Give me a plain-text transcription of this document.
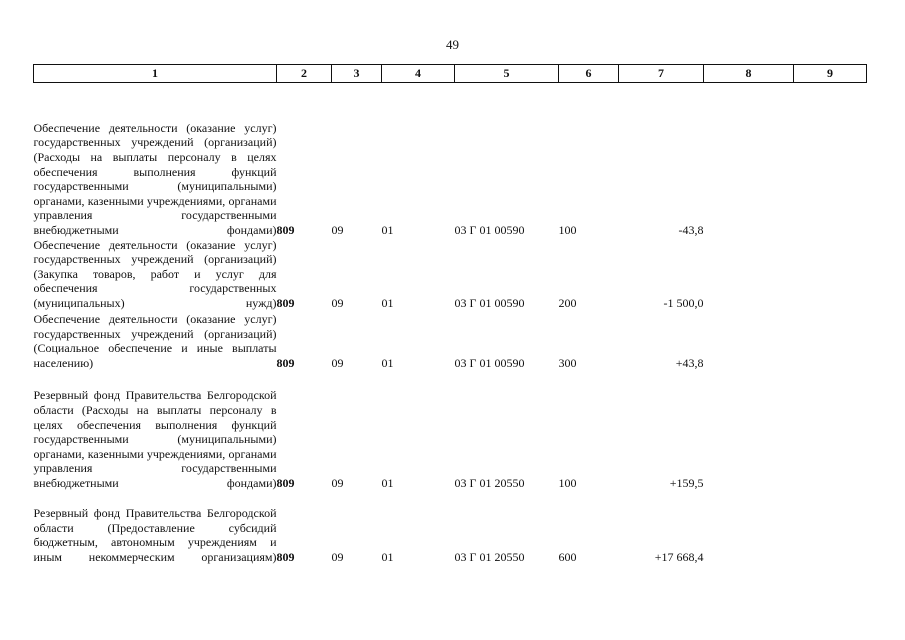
49
1	2	3	4	5	6	7	8	9
Обеспечение деятельности (оказание услуг) государственных учреждений (организаций) (Расходы на выплаты персоналу в целях обеспечения выполнения функций государственными (муниципальными) органами, казенными учреждениями, органами управления государственными внебюджетными фондами)	809	09	01	03 Г 01 00590	100	-43,8		
Обеспечение деятельности (оказание услуг) государственных учреждений (организаций) (Закупка товаров, работ и услуг для обеспечения государственных (муниципальных) нужд)	809	09	01	03 Г 01 00590	200	-1 500,0		
Обеспечение деятельности (оказание услуг) государственных учреждений (организаций) (Социальное обеспечение и иные выплаты населению)	809	09	01	03 Г 01 00590	300	+43,8		
Резервный фонд Правительства Белгородской области (Расходы на выплаты персоналу в целях обеспечения выполнения функций государственными (муниципальными) органами, казенными учреждениями, органами управления государственными внебюджетными фондами)	809	09	01	03 Г 01 20550	100	+159,5		
Резервный фонд Правительства Белгородской области (Предоставление субсидий бюджетным, автономным учреждениям и иным некоммерческим организациям)	809	09	01	03 Г 01 20550	600	+17 668,4		
